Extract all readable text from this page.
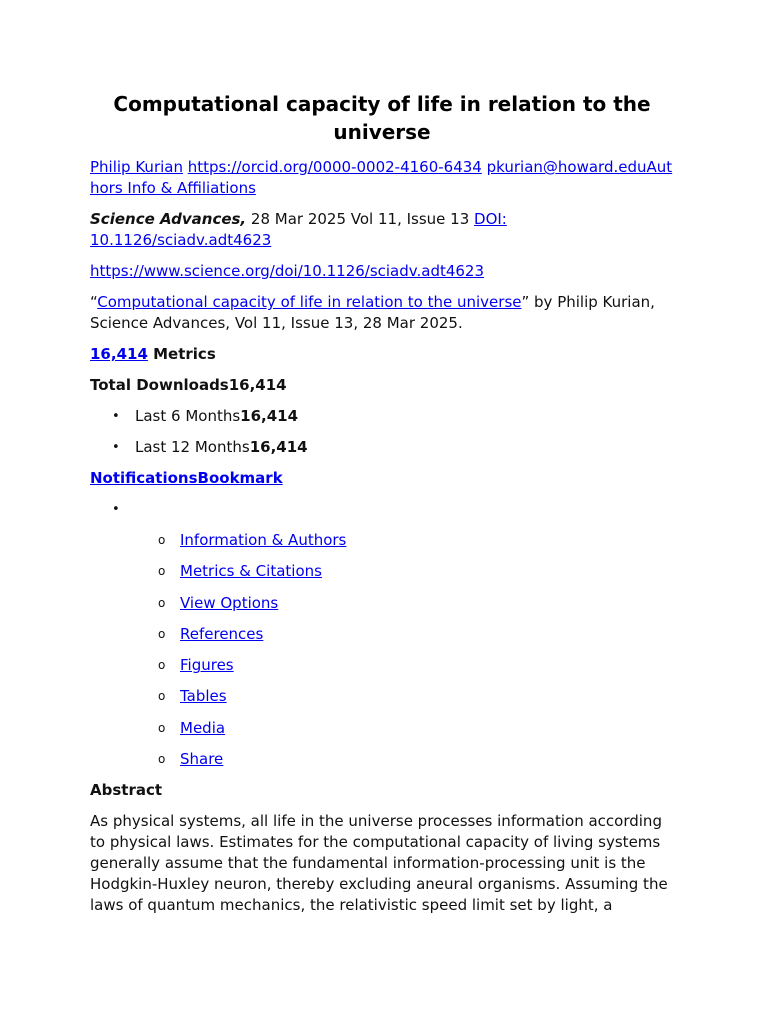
Computational capacity of life in relation to the universe

Philip Kurian https://orcid.org/0000-0002-4160-6434 pkurian@howard.eduAuthors Info & Affiliations

Science Advances, 28 Mar 2025 Vol 11, Issue 13 DOI: 10.1126/sciadv.adt4623

https://www.science.org/doi/10.1126/sciadv.adt4623

“Computational capacity of life in relation to the universe” by Philip Kurian, Science Advances, Vol 11, Issue 13, 28 Mar 2025.

16,414 Metrics

Total Downloads16,414

• Last 6 Months16,414
• Last 12 Months16,414

NotificationsBookmark

•
o Information & Authors
o Metrics & Citations
o View Options
o References
o Figures
o Tables
o Media
o Share

Abstract

As physical systems, all life in the universe processes information according to physical laws. Estimates for the computational capacity of living systems generally assume that the fundamental information-processing unit is the Hodgkin-Huxley neuron, thereby excluding aneural organisms. Assuming the laws of quantum mechanics, the relativistic speed limit set by light, a
